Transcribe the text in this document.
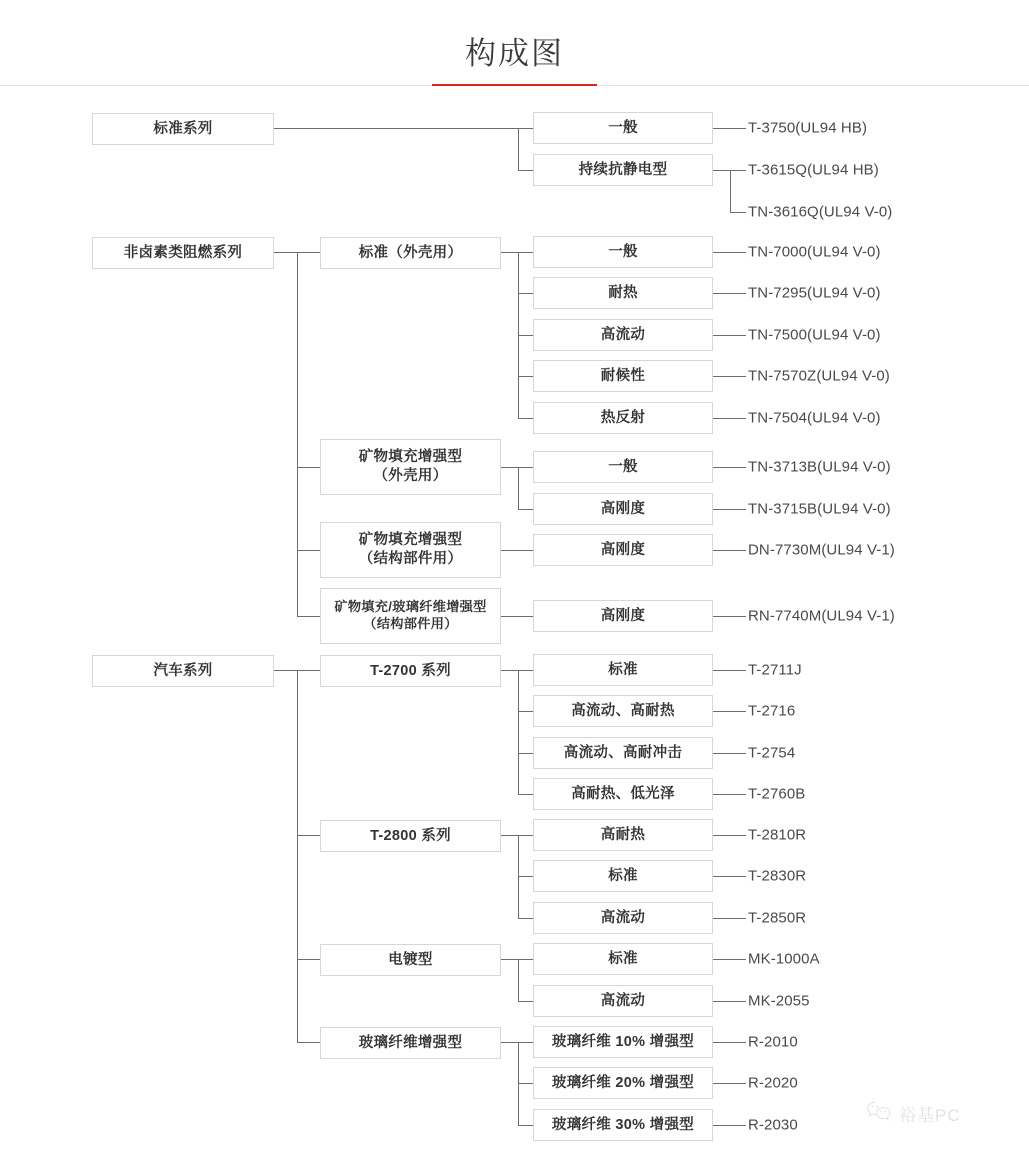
构成图
标准系列	一般	T-3750(UL94 HB)
持续抗静电型	T-3615Q(UL94 HB)
TN-3616Q(UL94 V-0)
非卤素类阻燃系列	标准（外壳用）	一般	TN-7000(UL94 V-0)
耐热	TN-7295(UL94 V-0)
高流动	TN-7500(UL94 V-0)
耐候性	TN-7570Z(UL94 V-0)
热反射	TN-7504(UL94 V-0)
矿物填充增强型
（外壳用）
一般	TN-3713B(UL94 V-0)
高刚度	TN-3715B(UL94 V-0)
矿物填充增强型
（结构部件用）
高刚度	DN-7730M(UL94 V-1)
矿物填充/玻璃纤维增强型
（结构部件用）	高刚度	RN-7740M(UL94 V-1)
汽车系列	T-2700 系列	标准	T-2711J
高流动、高耐热	T-2716
高流动、高耐冲击	T-2754
高耐热、低光泽	T-2760B
T-2800 系列	高耐热	T-2810R
标准	T-2830R
高流动	T-2850R
电镀型	标准	MK-1000A
高流动	MK-2055
玻璃纤维增强型	玻璃纤维 10% 增强型	R-2010
玻璃纤维 20% 增强型	R-2020
玻璃纤维 30% 增强型	R-2030	裕基PC
